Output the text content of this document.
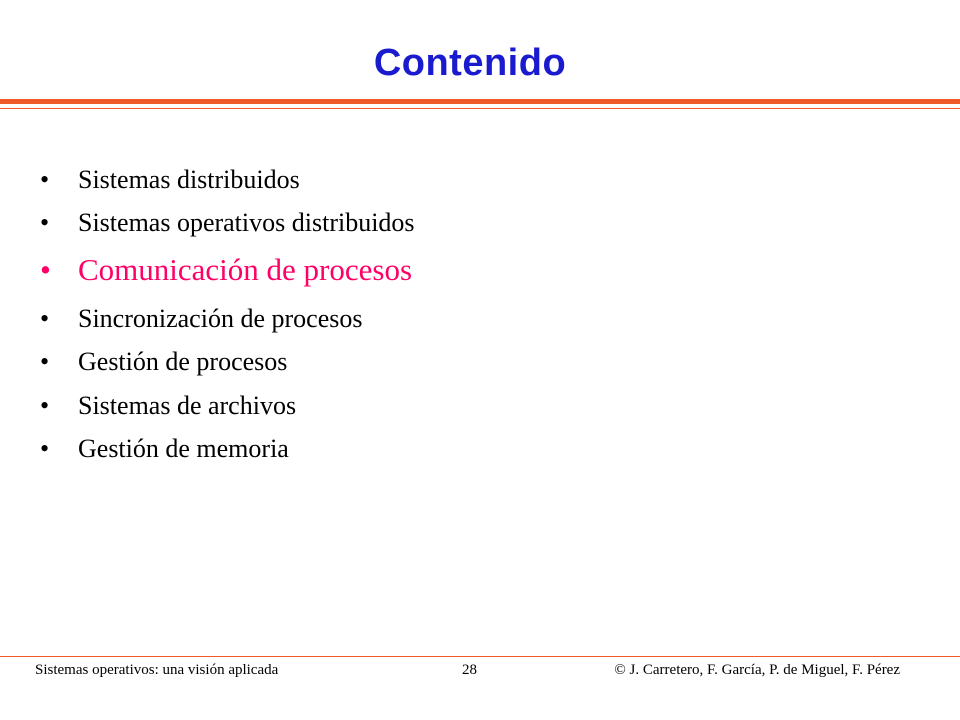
Contenido
•	Sistemas distribuidos
•	Sistemas operativos distribuidos
• Comunicación de procesos
•	Sincronización de procesos
•	Gestión de procesos
•	Sistemas de archivos
•	Gestión de memoria
Sistemas operativos: una visión aplicada	28	© J. Carretero, F. García, P. de Miguel, F. Pérez
